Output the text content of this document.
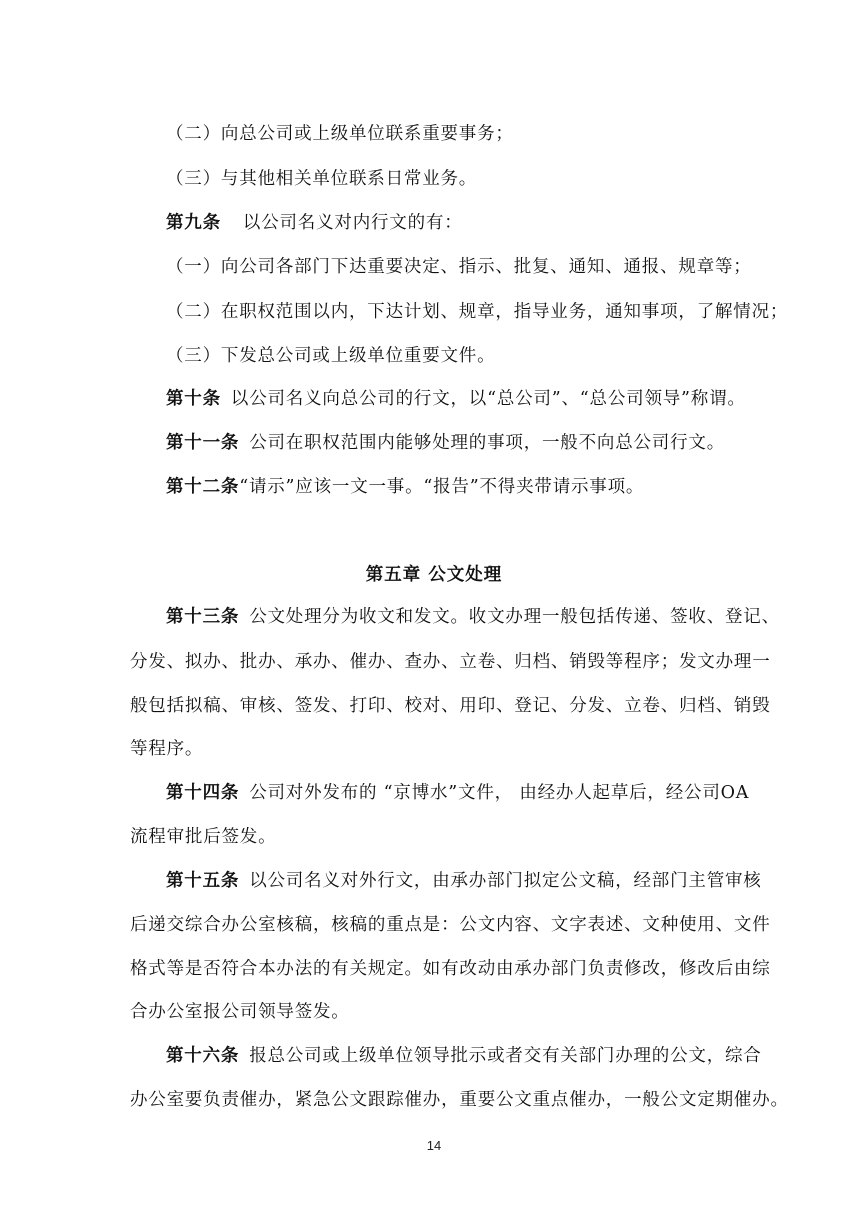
（二）向总公司或上级单位联系重要事务；
（三）与其他相关单位联系日常业务。
第九条 以公司名义对内行文的有：
（一）向公司各部门下达重要决定、指示、批复、通知、通报、规章等；
（二）在职权范围以内，下达计划、规章，指导业务，通知事项，了解情况；
（三）下发总公司或上级单位重要文件。
第十条 以公司名义向总公司的行文，以“总公司”、“总公司领导”称谓。
第十一条 公司在职权范围内能够处理的事项，一般不向总公司行文。
第十二条“请示”应该一文一事。“报告”不得夹带请示事项。
第五章 公文处理
第十三条 公文处理分为收文和发文。收文办理一般包括传递、签收、登记、
分发、拟办、批办、承办、催办、查办、立卷、归档、销毁等程序；发文办理一
般包括拟稿、审核、签发、打印、校对、用印、登记、分发、立卷、归档、销毁
等程序。
第十四条 公司对外发布的 “京博水”文件， 由经办人起草后，经公司OA
流程审批后签发。
第十五条 以公司名义对外行文，由承办部门拟定公文稿，经部门主管审核
后递交综合办公室核稿，核稿的重点是：公文内容、文字表述、文种使用、文件
格式等是否符合本办法的有关规定。如有改动由承办部门负责修改，修改后由综
合办公室报公司领导签发。
第十六条 报总公司或上级单位领导批示或者交有关部门办理的公文，综合
办公室要负责催办，紧急公文跟踪催办，重要公文重点催办，一般公文定期催办。
14
